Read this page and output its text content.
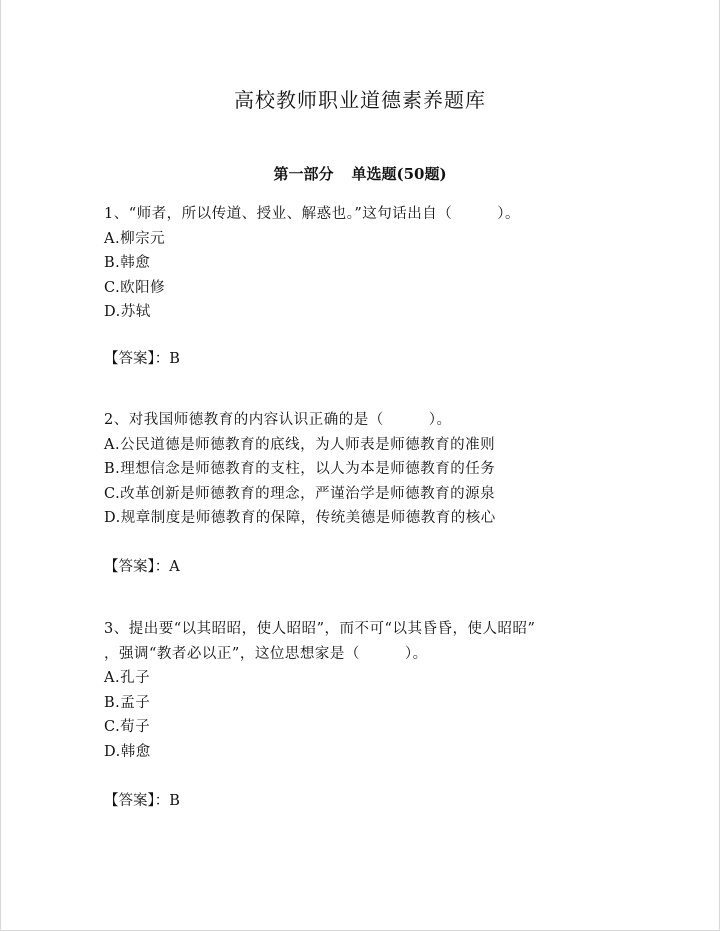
高校教师职业道德素养题库
第一部分 单选题(50题)
1、“师者，所以传道、授业、解惑也。”这句话出自（　　　）。
A.柳宗元
B.韩愈
C.欧阳修
D.苏轼
【答案】：B
2、对我国师德教育的内容认识正确的是（　　　）。
A.公民道德是师德教育的底线，为人师表是师德教育的准则
B.理想信念是师德教育的支柱，以人为本是师德教育的任务
C.改革创新是师德教育的理念，严谨治学是师德教育的源泉
D.规章制度是师德教育的保障，传统美德是师德教育的核心
【答案】：A
3、提出要“以其昭昭，使人昭昭”，而不可“以其昏昏，使人昭昭”
，强调“教者必以正”，这位思想家是（　　　）。
A.孔子
B.孟子
C.荀子
D.韩愈
【答案】：B
